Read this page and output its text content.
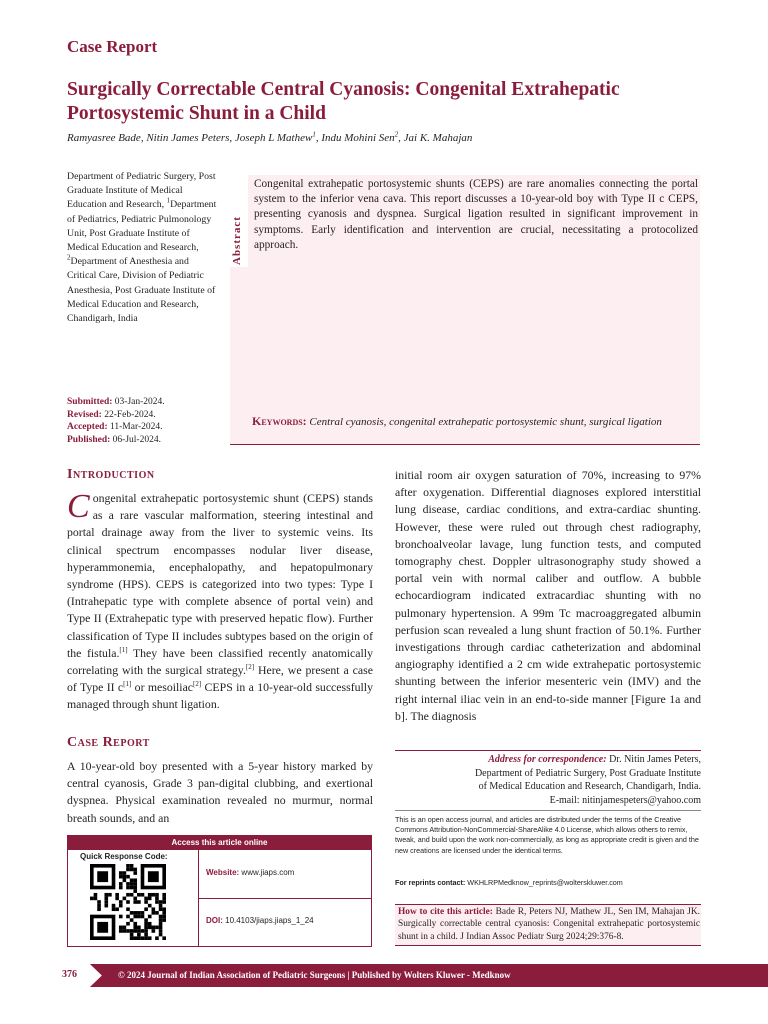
Case Report
Surgically Correctable Central Cyanosis: Congenital Extrahepatic Portosystemic Shunt in a Child
Ramyasree Bade, Nitin James Peters, Joseph L Mathew$^1$, Indu Mohini Sen$^2$, Jai K. Mahajan
Department of Pediatric Surgery, Post Graduate Institute of Medical Education and Research, $^1$Department of Pediatrics, Pediatric Pulmonology Unit, Post Graduate Institute of Medical Education and Research, $^2$Department of Anesthesia and Critical Care, Division of Pediatric Anesthesia, Post Graduate Institute of Medical Education and Research, Chandigarh, India
Submitted: 03-Jan-2024.
Revised: 22-Feb-2024.
Accepted: 11-Mar-2024.
Published: 06-Jul-2024.
Abstract
Congenital extrahepatic portosystemic shunts (CEPS) are rare anomalies connecting the portal system to the inferior vena cava. This report discusses a 10-year-old boy with Type II c CEPS, presenting cyanosis and dyspnea. Surgical ligation resulted in significant improvement in symptoms. Early identification and intervention are crucial, necessitating a protocolized approach.
Keywords: Central cyanosis, congenital extrahepatic portosystemic shunt, surgical ligation
Introduction
Congenital extrahepatic portosystemic shunt (CEPS) stands as a rare vascular malformation, steering intestinal and portal drainage away from the liver to systemic veins. Its clinical spectrum encompasses nodular liver disease, hyperammonemia, encephalopathy, and hepatopulmonary syndrome (HPS). CEPS is categorized into two types: Type I (Intrahepatic type with complete absence of portal vein) and Type II (Extrahepatic type with preserved hepatic flow). Further classification of Type II includes subtypes based on the origin of the fistula.[1] They have been classified recently anatomically correlating with the surgical strategy.[2] Here, we present a case of Type II c[1] or mesoiliac[2] CEPS in a 10-year-old successfully managed through shunt ligation.
Case Report
A 10-year-old boy presented with a 5-year history marked by central cyanosis, Grade 3 pan-digital clubbing, and exertional dyspnea. Physical examination revealed no murmur, normal breath sounds, and an
initial room air oxygen saturation of 70%, increasing to 97% after oxygenation. Differential diagnoses explored interstitial lung disease, cardiac conditions, and extra-cardiac shunting. However, these were ruled out through chest radiography, bronchoalveolar lavage, lung function tests, and computed tomography chest. Doppler ultrasonography study showed a portal vein with normal caliber and outflow. A bubble echocardiogram indicated extracardiac shunting with no pulmonary hypertension. A 99m Tc macroaggregated albumin perfusion scan revealed a lung shunt fraction of 50.1%. Further investigations through cardiac catheterization and abdominal angiography identified a 2 cm wide extrahepatic portosystemic shunting between the inferior mesenteric vein (IMV) and the right internal iliac vein in an end-to-side manner [Figure 1a and b]. The diagnosis
Address for correspondence: Dr. Nitin James Peters,
Department of Pediatric Surgery, Post Graduate Institute
of Medical Education and Research, Chandigarh, India.
E-mail: nitinjamespeters@yahoo.com
This is an open access journal, and articles are distributed under the terms of the Creative Commons Attribution-NonCommercial-ShareAlike 4.0 License, which allows others to remix, tweak, and build upon the work non-commercially, as long as appropriate credit is given and the new creations are licensed under the identical terms.
For reprints contact: WKHLRPMedknow_reprints@wolterskluwer.com
How to cite this article: Bade R, Peters NJ, Mathew JL, Sen IM, Mahajan JK. Surgically correctable central cyanosis: Congenital extrahepatic portosystemic shunt in a child. J Indian Assoc Pediatr Surg 2024;29:376-8.
Access this article online
Quick Response Code:
Website: www.jiaps.com
DOI: 10.4103/jiaps.jiaps_1_24
376	© 2024 Journal of Indian Association of Pediatric Surgeons | Published by Wolters Kluwer - Medknow
